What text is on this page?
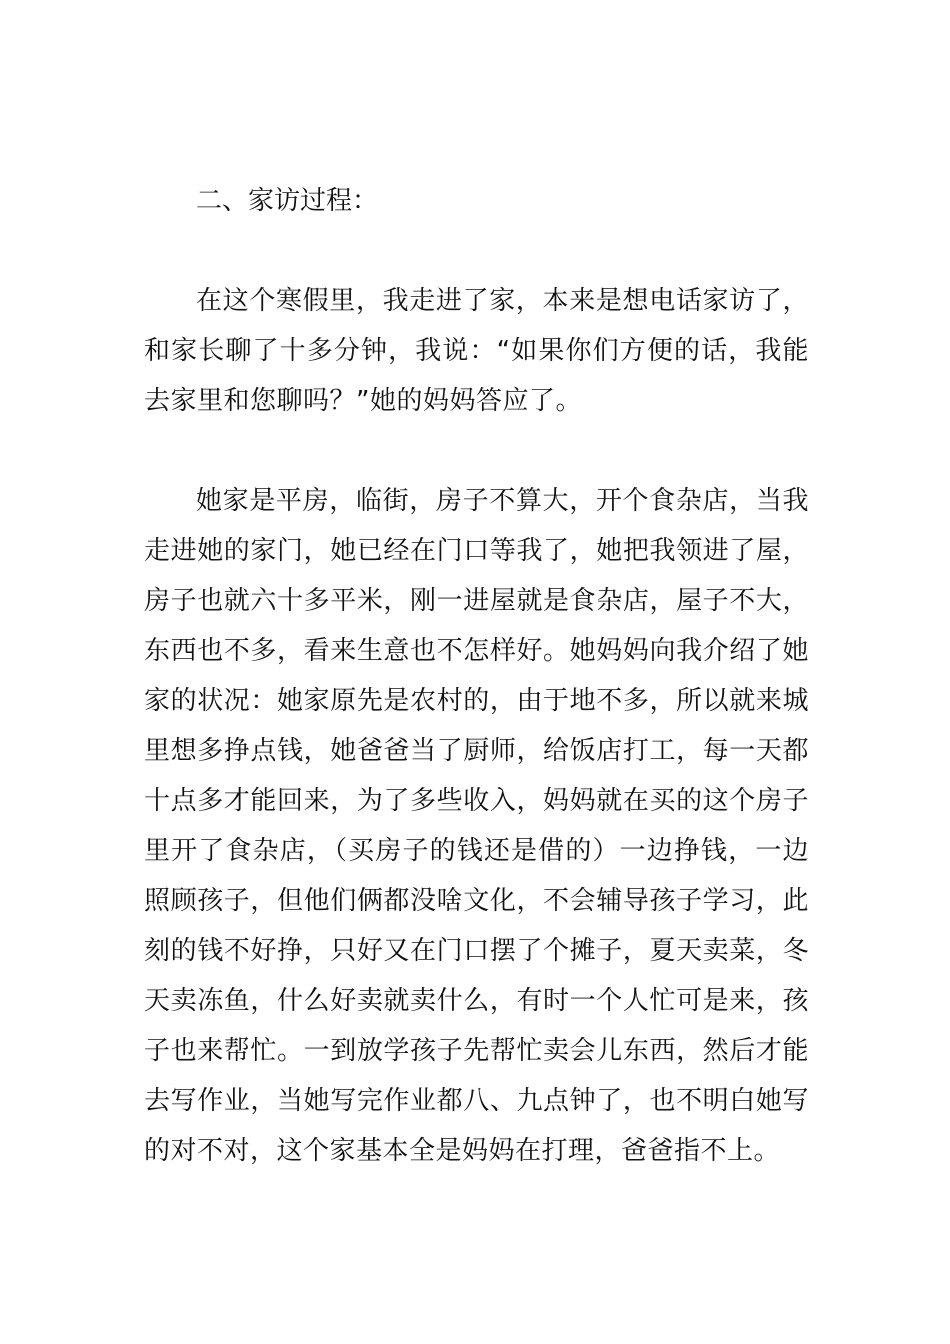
二、家访过程：

在这个寒假里，我走进了家，本来是想电话家访了，和家长聊了十多分钟，我说：“如果你们方便的话，我能去家里和您聊吗？”她的妈妈答应了。

她家是平房，临街，房子不算大，开个食杂店，当我走进她的家门，她已经在门口等我了，她把我领进了屋，房子也就六十多平米，刚一进屋就是食杂店，屋子不大，东西也不多，看来生意也不怎样好。她妈妈向我介绍了她家的状况：她家原先是农村的，由于地不多，所以就来城里想多挣点钱，她爸爸当了厨师，给饭店打工，每一天都十点多才能回来，为了多些收入，妈妈就在买的这个房子里开了食杂店，（买房子的钱还是借的）一边挣钱，一边照顾孩子，但他们俩都没啥文化，不会辅导孩子学习，此刻的钱不好挣，只好又在门口摆了个摊子，夏天卖菜，冬天卖冻鱼，什么好卖就卖什么，有时一个人忙可是来，孩子也来帮忙。一到放学孩子先帮忙卖会儿东西，然后才能去写作业，当她写完作业都八、九点钟了，也不明白她写的对不对，这个家基本全是妈妈在打理，爸爸指不上。
